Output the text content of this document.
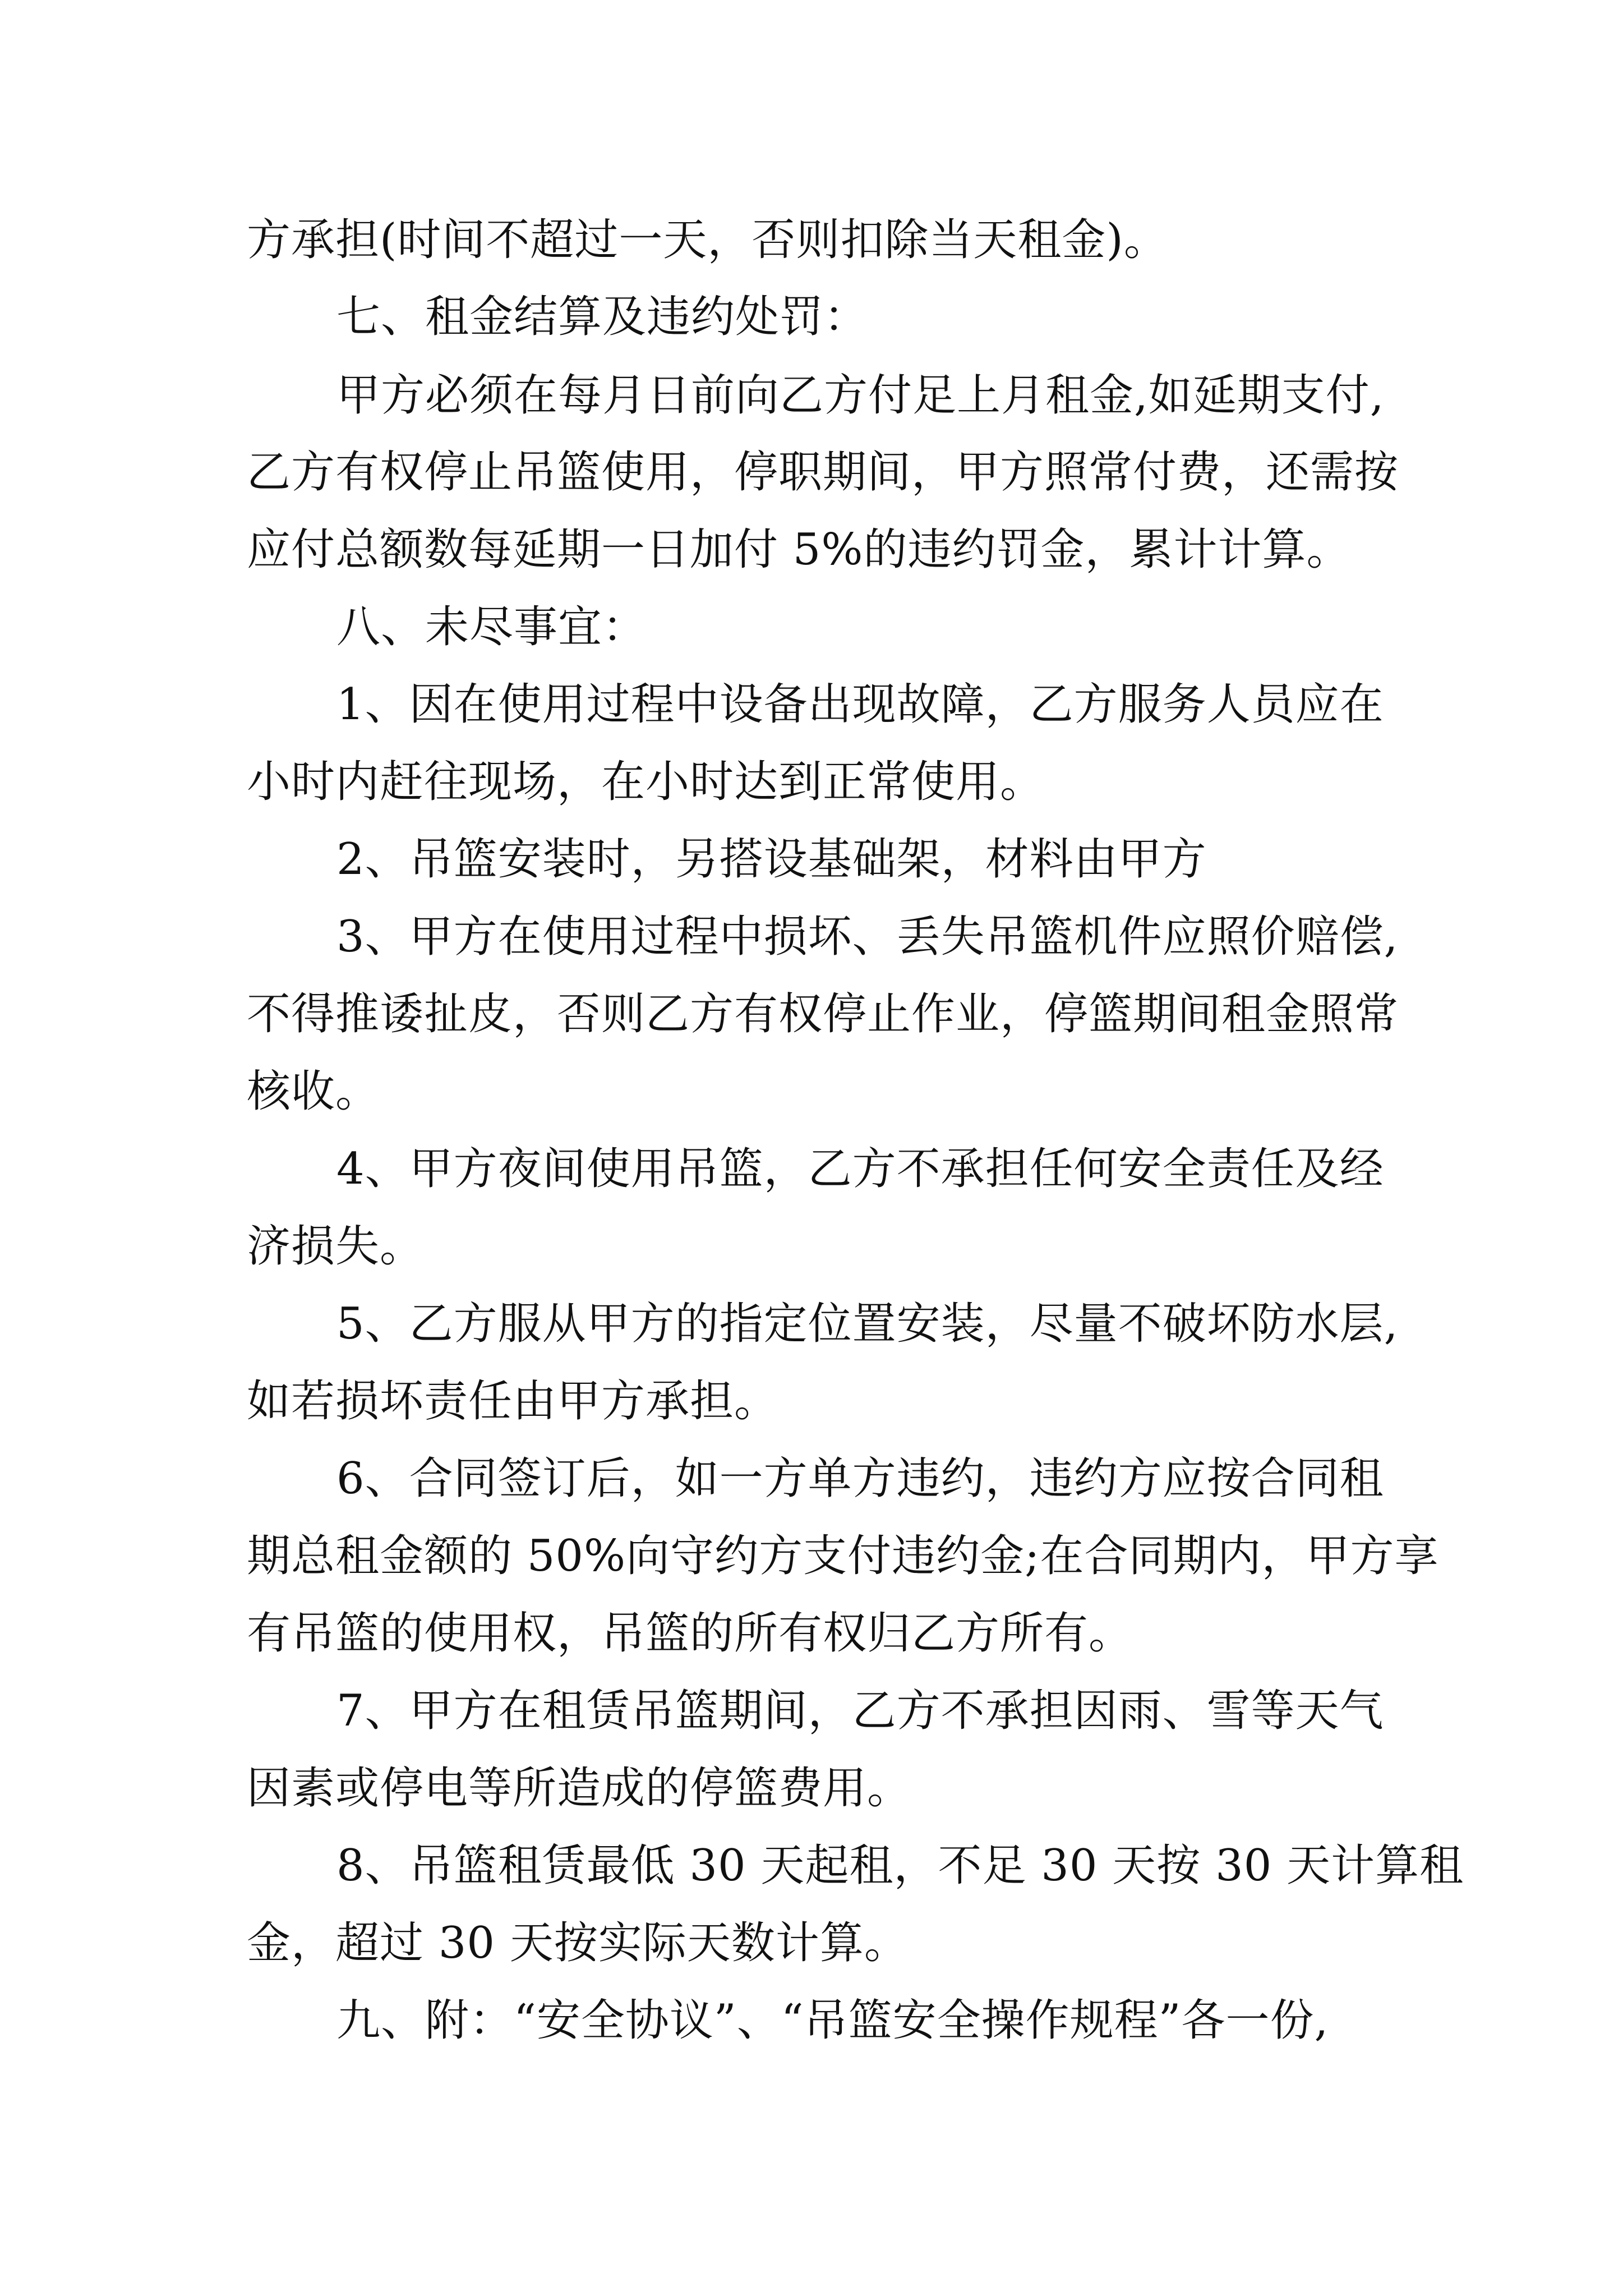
方承担(时间不超过一天，否则扣除当天租金)。
七、租金结算及违约处罚：
甲方必须在每月日前向乙方付足上月租金,如延期支付,
乙方有权停止吊篮使用，停职期间，甲方照常付费，还需按
应付总额数每延期一日加付 5%的违约罚金，累计计算。
八、未尽事宜：
1、因在使用过程中设备出现故障，乙方服务人员应在
小时内赶往现场，在小时达到正常使用。
2、吊篮安装时，另搭设基础架，材料由甲方
3、甲方在使用过程中损坏、丢失吊篮机件应照价赔偿,
不得推诿扯皮，否则乙方有权停止作业，停篮期间租金照常
核收。
4、甲方夜间使用吊篮，乙方不承担任何安全责任及经
济损失。
5、乙方服从甲方的指定位置安装，尽量不破坏防水层,
如若损坏责任由甲方承担。
6、合同签订后，如一方单方违约，违约方应按合同租
期总租金额的 50%向守约方支付违约金;在合同期内，甲方享
有吊篮的使用权，吊篮的所有权归乙方所有。
7、甲方在租赁吊篮期间，乙方不承担因雨、雪等天气
因素或停电等所造成的停篮费用。
8、吊篮租赁最低 30 天起租，不足 30 天按 30 天计算租
金，超过 30 天按实际天数计算。
九、附：“安全协议”、“吊篮安全操作规程”各一份,
